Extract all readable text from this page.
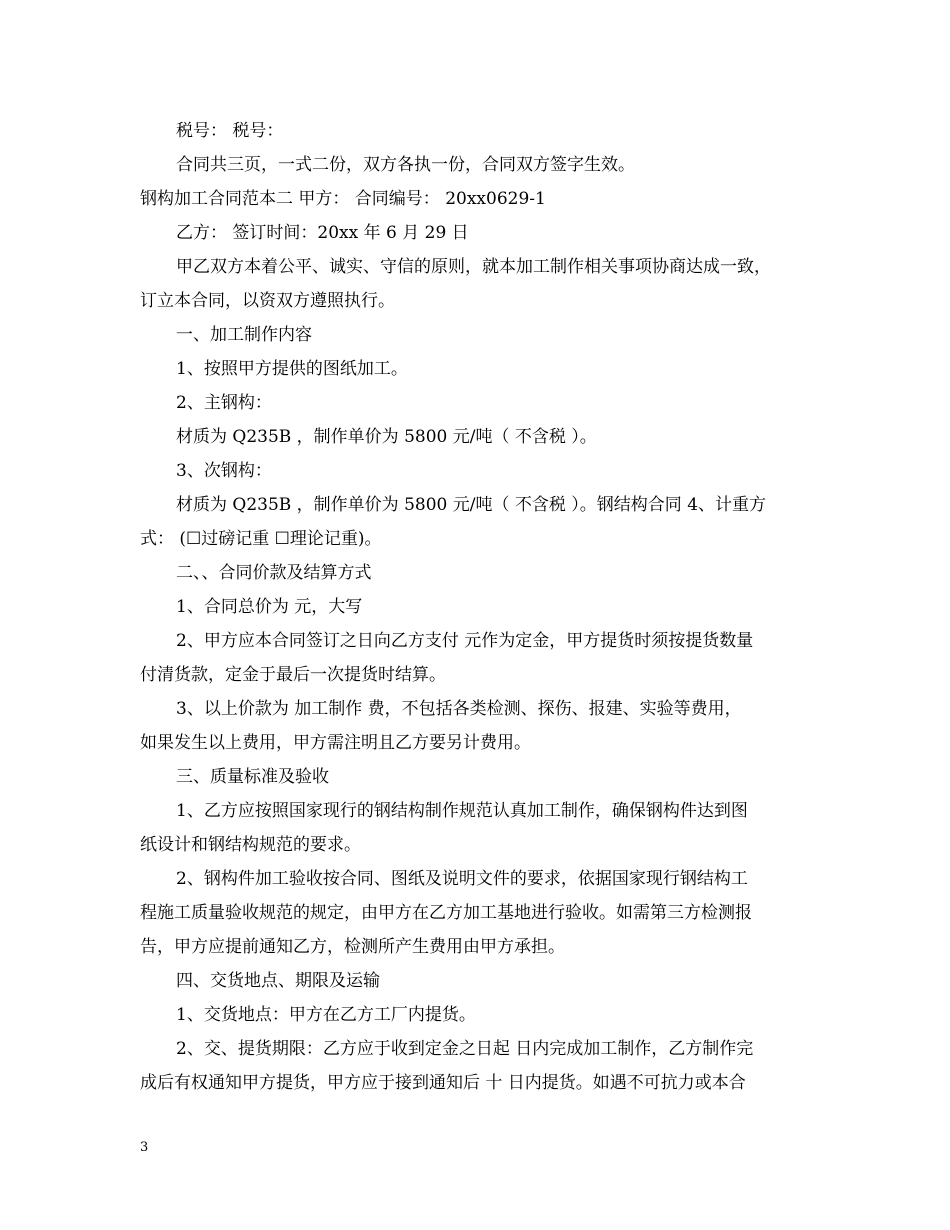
税号： 税号：
合同共三页，一式二份，双方各执一份，合同双方签字生效。
钢构加工合同范本二 甲方： 合同编号： 20xx0629-1
乙方： 签订时间：20xx 年 6 月 29 日
甲乙双方本着公平、诚实、守信的原则，就本加工制作相关事项协商达成一致，
订立本合同，以资双方遵照执行。
一、加工制作内容
1、按照甲方提供的图纸加工。
2、主钢构：
材质为 Q235B ，制作单价为 5800 元/吨（ 不含税 ）。
3、次钢构：
材质为 Q235B ，制作单价为 5800 元/吨（ 不含税 ）。钢结构合同 4、计重方
式： (☐过磅记重 ☐理论记重)。
二、、合同价款及结算方式
1、合同总价为 元，大写
2、甲方应本合同签订之日向乙方支付 元作为定金，甲方提货时须按提货数量
付清货款，定金于最后一次提货时结算。
3、以上价款为 加工制作 费，不包括各类检测、探伤、报建、实验等费用，
如果发生以上费用，甲方需注明且乙方要另计费用。
三、质量标准及验收
1、乙方应按照国家现行的钢结构制作规范认真加工制作，确保钢构件达到图
纸设计和钢结构规范的要求。
2、钢构件加工验收按合同、图纸及说明文件的要求，依据国家现行钢结构工
程施工质量验收规范的规定，由甲方在乙方加工基地进行验收。如需第三方检测报
告，甲方应提前通知乙方，检测所产生费用由甲方承担。
四、交货地点、期限及运输
1、交货地点：甲方在乙方工厂内提货。
2、交、提货期限：乙方应于收到定金之日起 日内完成加工制作，乙方制作完
成后有权通知甲方提货，甲方应于接到通知后 十 日内提货。如遇不可抗力或本合
3
